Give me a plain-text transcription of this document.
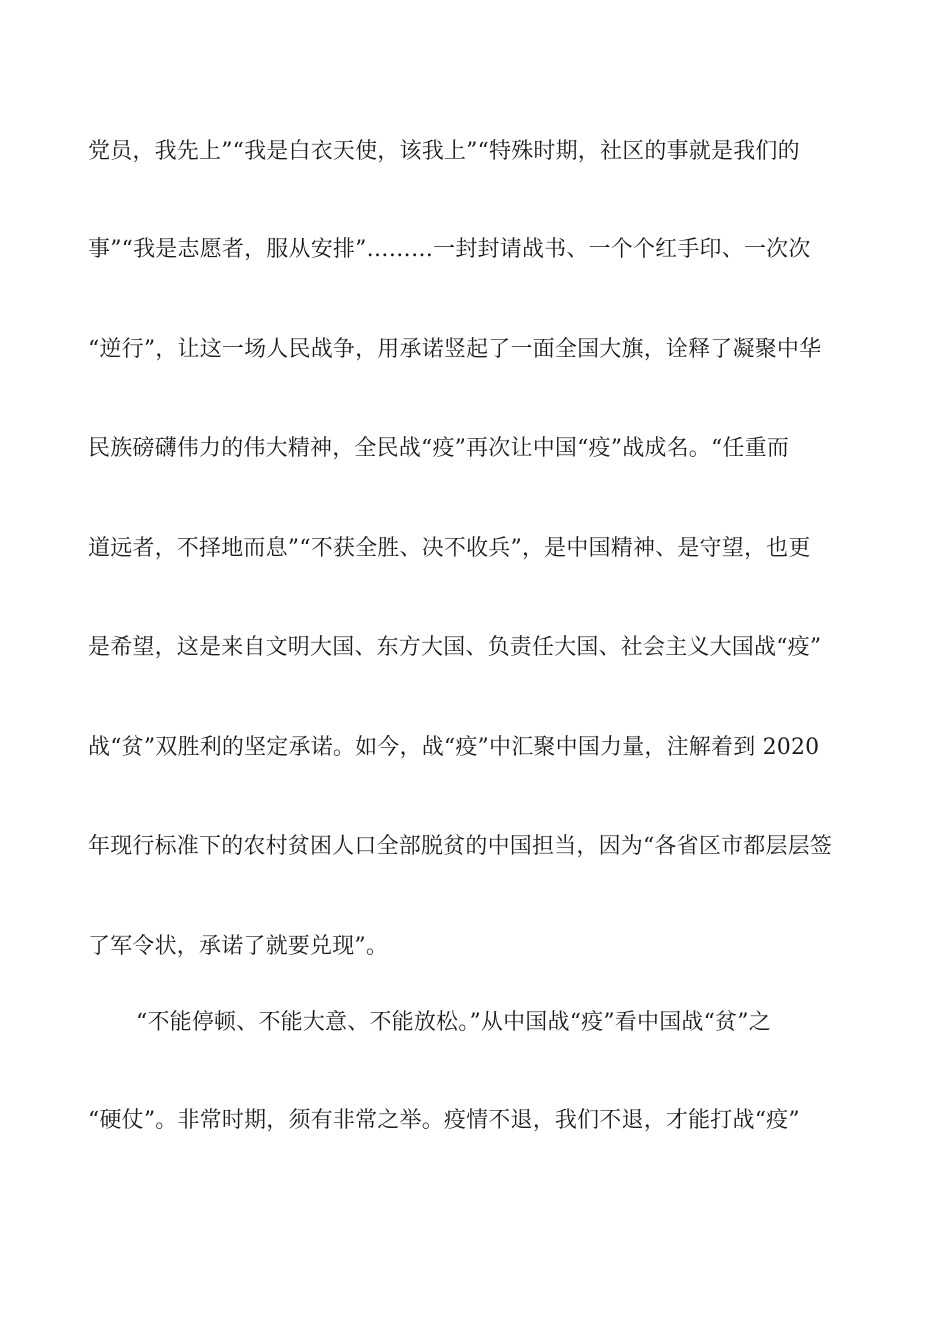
党员，我先上”“我是白衣天使，该我上”“特殊时期，社区的事就是我们的
事”“我是志愿者，服从安排”………一封封请战书、一个个红手印、一次次
“逆行”，让这一场人民战争，用承诺竖起了一面全国大旗，诠释了凝聚中华
民族磅礴伟力的伟大精神，全民战“疫”再次让中国“疫”战成名。“任重而
道远者，不择地而息”“不获全胜、决不收兵”，是中国精神、是守望，也更
是希望，这是来自文明大国、东方大国、负责任大国、社会主义大国战“疫”
战“贫”双胜利的坚定承诺。如今，战“疫”中汇聚中国力量，注解着到 2020
年现行标准下的农村贫困人口全部脱贫的中国担当，因为“各省区市都层层签
了军令状，承诺了就要兑现”。
“不能停顿、不能大意、不能放松。”从中国战“疫”看中国战“贫”之
“硬仗”。非常时期，须有非常之举。疫情不退，我们不退，才能打战“疫”
